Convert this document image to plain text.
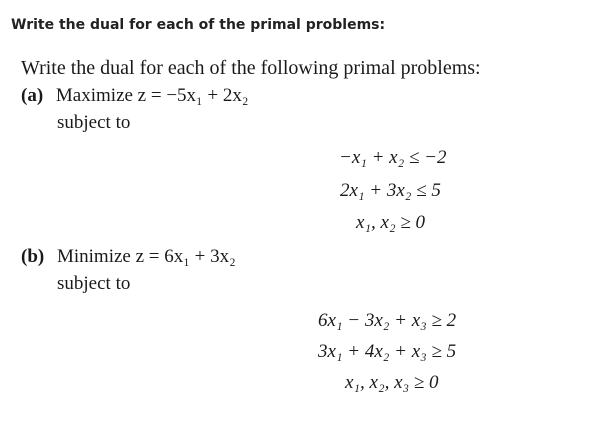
Write the dual for each of the primal problems:
Write the dual for each of the following primal problems:
(a) Maximize z = −5x₁ + 2x₂
subject to
−x₁ + x₂ ≤ −2
2x₁ + 3x₂ ≤ 5
x₁, x₂ ≥ 0
(b) Minimize z = 6x₁ + 3x₂
subject to
6x₁ − 3x₂ + x₃ ≥ 2
3x₁ + 4x₂ + x₃ ≥ 5
x₁, x₂, x₃ ≥ 0
